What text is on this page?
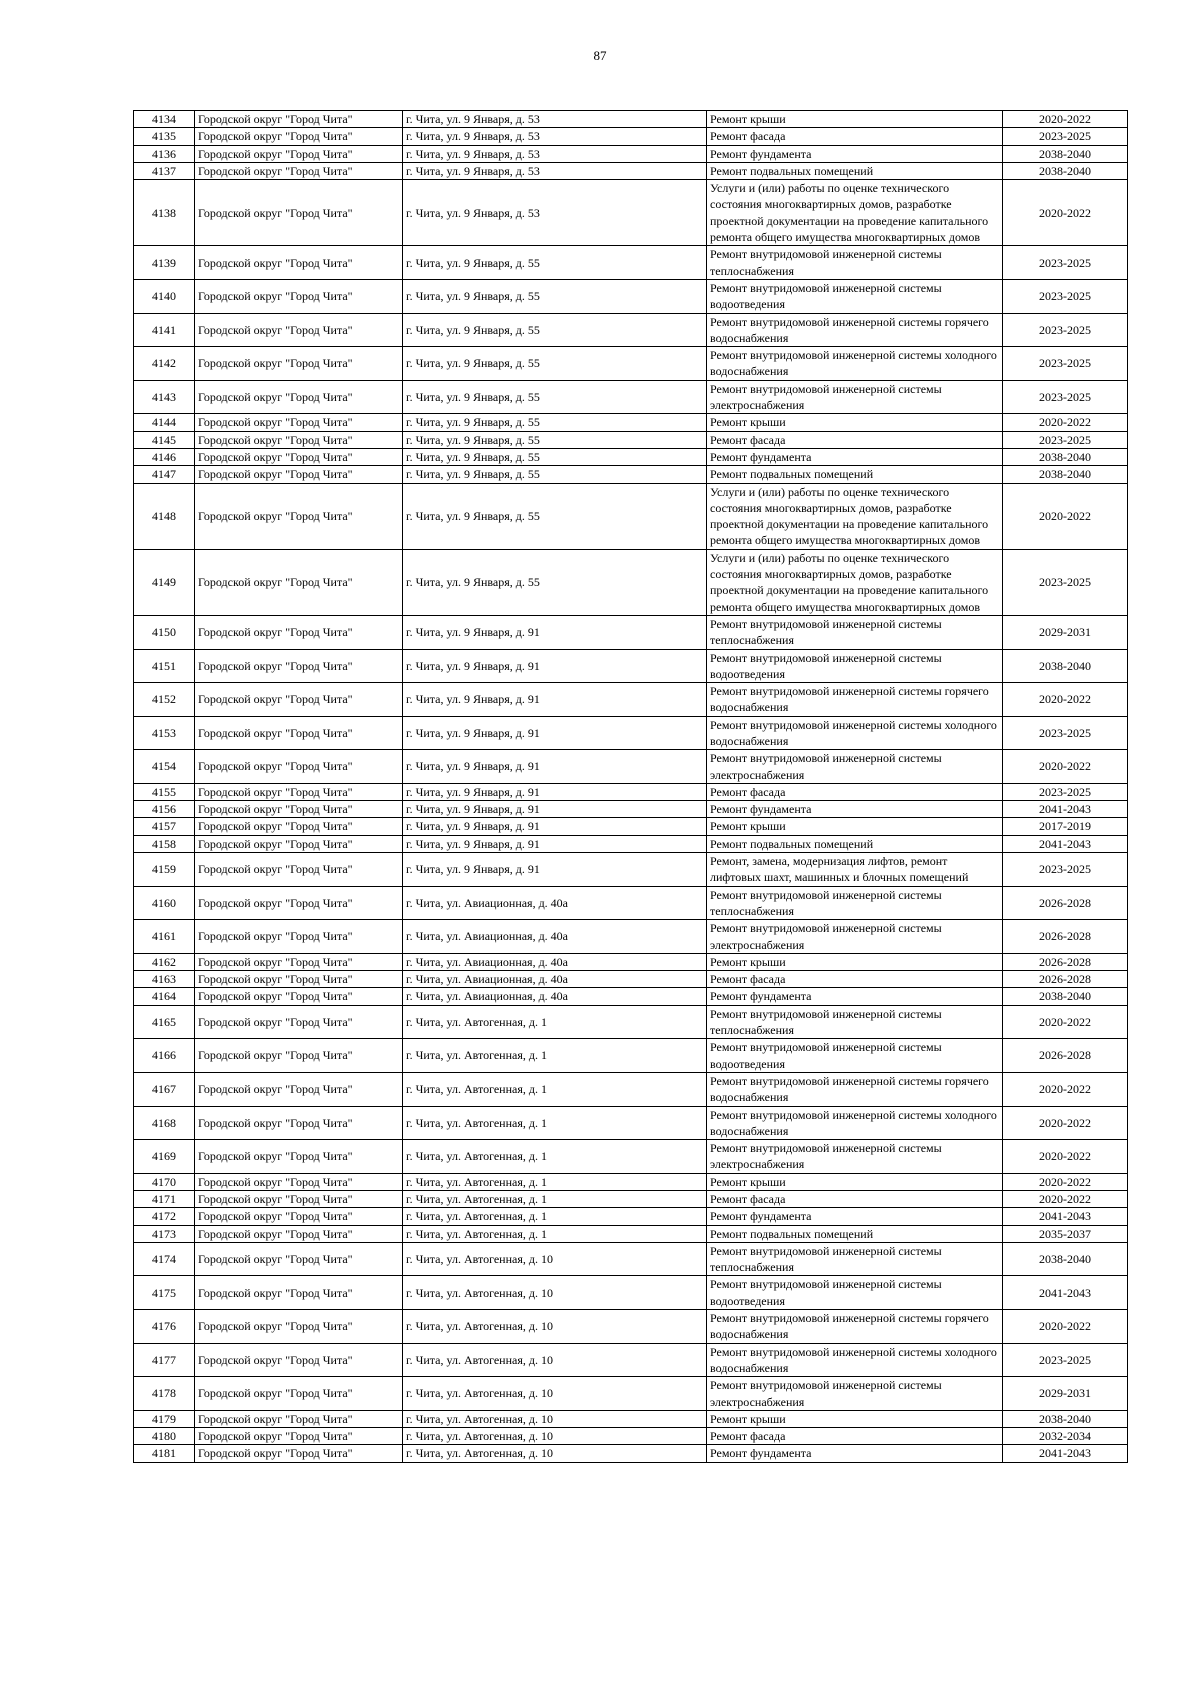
87
4134	Городской округ "Город Чита"	г. Чита, ул. 9 Января, д. 53	Ремонт крыши	2020-2022
4135	Городской округ "Город Чита"	г. Чита, ул. 9 Января, д. 53	Ремонт фасада	2023-2025
4136	Городской округ "Город Чита"	г. Чита, ул. 9 Января, д. 53	Ремонт фундамента	2038-2040
4137	Городской округ "Город Чита"	г. Чита, ул. 9 Января, д. 53	Ремонт подвальных помещений	2038-2040
4138	Городской округ "Город Чита"	г. Чита, ул. 9 Января, д. 53	Услуги и (или) работы по оценке технического состояния многоквартирных домов, разработке проектной документации на проведение капитального ремонта общего имущества многоквартирных домов	2020-2022
4139	Городской округ "Город Чита"	г. Чита, ул. 9 Января, д. 55	Ремонт внутридомовой инженерной системы теплоснабжения	2023-2025
4140	Городской округ "Город Чита"	г. Чита, ул. 9 Января, д. 55	Ремонт внутридомовой инженерной системы водоотведения	2023-2025
4141	Городской округ "Город Чита"	г. Чита, ул. 9 Января, д. 55	Ремонт внутридомовой инженерной системы горячего водоснабжения	2023-2025
4142	Городской округ "Город Чита"	г. Чита, ул. 9 Января, д. 55	Ремонт внутридомовой инженерной системы холодного водоснабжения	2023-2025
4143	Городской округ "Город Чита"	г. Чита, ул. 9 Января, д. 55	Ремонт внутридомовой инженерной системы электроснабжения	2023-2025
4144	Городской округ "Город Чита"	г. Чита, ул. 9 Января, д. 55	Ремонт крыши	2020-2022
4145	Городской округ "Город Чита"	г. Чита, ул. 9 Января, д. 55	Ремонт фасада	2023-2025
4146	Городской округ "Город Чита"	г. Чита, ул. 9 Января, д. 55	Ремонт фундамента	2038-2040
4147	Городской округ "Город Чита"	г. Чита, ул. 9 Января, д. 55	Ремонт подвальных помещений	2038-2040
4148	Городской округ "Город Чита"	г. Чита, ул. 9 Января, д. 55	Услуги и (или) работы по оценке технического состояния многоквартирных домов, разработке проектной документации на проведение капитального ремонта общего имущества многоквартирных домов	2020-2022
4149	Городской округ "Город Чита"	г. Чита, ул. 9 Января, д. 55	Услуги и (или) работы по оценке технического состояния многоквартирных домов, разработке проектной документации на проведение капитального ремонта общего имущества многоквартирных домов	2023-2025
4150	Городской округ "Город Чита"	г. Чита, ул. 9 Января, д. 91	Ремонт внутридомовой инженерной системы теплоснабжения	2029-2031
4151	Городской округ "Город Чита"	г. Чита, ул. 9 Января, д. 91	Ремонт внутридомовой инженерной системы водоотведения	2038-2040
4152	Городской округ "Город Чита"	г. Чита, ул. 9 Января, д. 91	Ремонт внутридомовой инженерной системы горячего водоснабжения	2020-2022
4153	Городской округ "Город Чита"	г. Чита, ул. 9 Января, д. 91	Ремонт внутридомовой инженерной системы холодного водоснабжения	2023-2025
4154	Городской округ "Город Чита"	г. Чита, ул. 9 Января, д. 91	Ремонт внутридомовой инженерной системы электроснабжения	2020-2022
4155	Городской округ "Город Чита"	г. Чита, ул. 9 Января, д. 91	Ремонт фасада	2023-2025
4156	Городской округ "Город Чита"	г. Чита, ул. 9 Января, д. 91	Ремонт фундамента	2041-2043
4157	Городской округ "Город Чита"	г. Чита, ул. 9 Января, д. 91	Ремонт крыши	2017-2019
4158	Городской округ "Город Чита"	г. Чита, ул. 9 Января, д. 91	Ремонт подвальных помещений	2041-2043
4159	Городской округ "Город Чита"	г. Чита, ул. 9 Января, д. 91	Ремонт, замена, модернизация лифтов, ремонт лифтовых шахт, машинных и блочных помещений	2023-2025
4160	Городской округ "Город Чита"	г. Чита, ул. Авиационная, д. 40а	Ремонт внутридомовой инженерной системы теплоснабжения	2026-2028
4161	Городской округ "Город Чита"	г. Чита, ул. Авиационная, д. 40а	Ремонт внутридомовой инженерной системы электроснабжения	2026-2028
4162	Городской округ "Город Чита"	г. Чита, ул. Авиационная, д. 40а	Ремонт крыши	2026-2028
4163	Городской округ "Город Чита"	г. Чита, ул. Авиационная, д. 40а	Ремонт фасада	2026-2028
4164	Городской округ "Город Чита"	г. Чита, ул. Авиационная, д. 40а	Ремонт фундамента	2038-2040
4165	Городской округ "Город Чита"	г. Чита, ул. Автогенная, д. 1	Ремонт внутридомовой инженерной системы теплоснабжения	2020-2022
4166	Городской округ "Город Чита"	г. Чита, ул. Автогенная, д. 1	Ремонт внутридомовой инженерной системы водоотведения	2026-2028
4167	Городской округ "Город Чита"	г. Чита, ул. Автогенная, д. 1	Ремонт внутридомовой инженерной системы горячего водоснабжения	2020-2022
4168	Городской округ "Город Чита"	г. Чита, ул. Автогенная, д. 1	Ремонт внутридомовой инженерной системы холодного водоснабжения	2020-2022
4169	Городской округ "Город Чита"	г. Чита, ул. Автогенная, д. 1	Ремонт внутридомовой инженерной системы электроснабжения	2020-2022
4170	Городской округ "Город Чита"	г. Чита, ул. Автогенная, д. 1	Ремонт крыши	2020-2022
4171	Городской округ "Город Чита"	г. Чита, ул. Автогенная, д. 1	Ремонт фасада	2020-2022
4172	Городской округ "Город Чита"	г. Чита, ул. Автогенная, д. 1	Ремонт фундамента	2041-2043
4173	Городской округ "Город Чита"	г. Чита, ул. Автогенная, д. 1	Ремонт подвальных помещений	2035-2037
4174	Городской округ "Город Чита"	г. Чита, ул. Автогенная, д. 10	Ремонт внутридомовой инженерной системы теплоснабжения	2038-2040
4175	Городской округ "Город Чита"	г. Чита, ул. Автогенная, д. 10	Ремонт внутридомовой инженерной системы водоотведения	2041-2043
4176	Городской округ "Город Чита"	г. Чита, ул. Автогенная, д. 10	Ремонт внутридомовой инженерной системы горячего водоснабжения	2020-2022
4177	Городской округ "Город Чита"	г. Чита, ул. Автогенная, д. 10	Ремонт внутридомовой инженерной системы холодного водоснабжения	2023-2025
4178	Городской округ "Город Чита"	г. Чита, ул. Автогенная, д. 10	Ремонт внутридомовой инженерной системы электроснабжения	2029-2031
4179	Городской округ "Город Чита"	г. Чита, ул. Автогенная, д. 10	Ремонт крыши	2038-2040
4180	Городской округ "Город Чита"	г. Чита, ул. Автогенная, д. 10	Ремонт фасада	2032-2034
4181	Городской округ "Город Чита"	г. Чита, ул. Автогенная, д. 10	Ремонт фундамента	2041-2043
